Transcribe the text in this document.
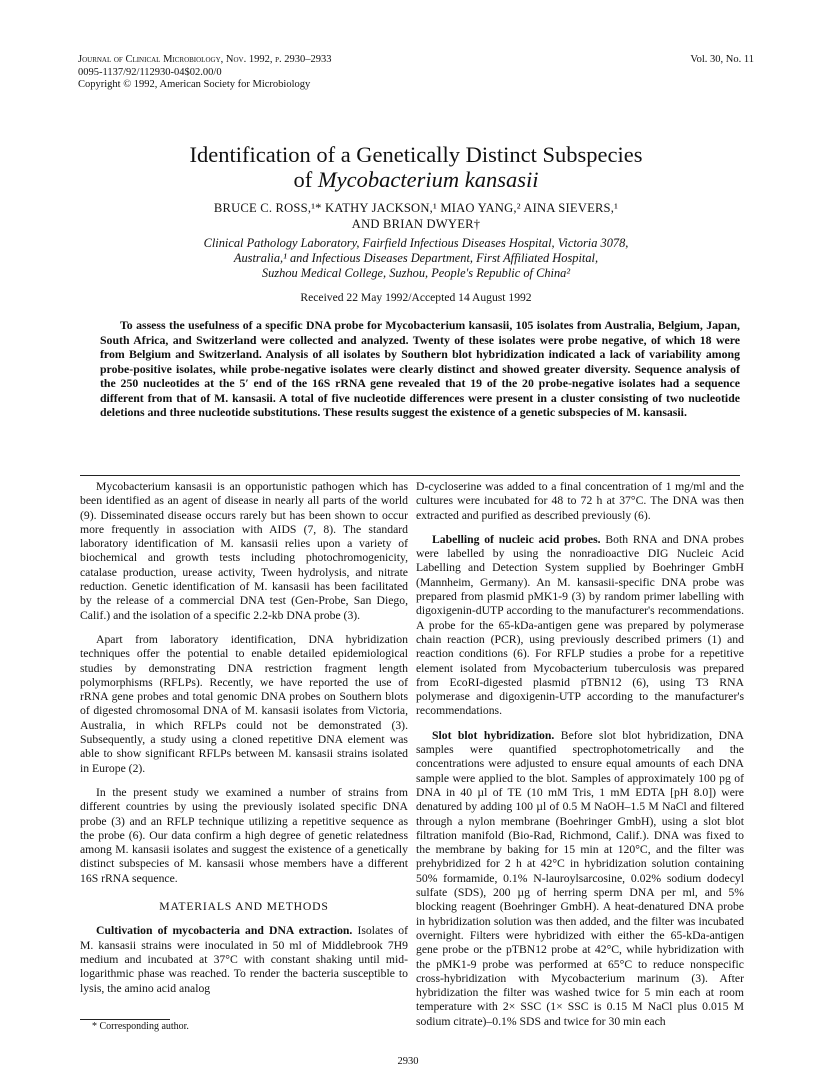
Journal of Clinical Microbiology, Nov. 1992, p. 2930–2933
0095-1137/92/112930-04$02.00/0
Copyright © 1992, American Society for Microbiology
Vol. 30, No. 11
Identification of a Genetically Distinct Subspecies
of Mycobacterium kansasii
BRUCE C. ROSS,¹* KATHY JACKSON,¹ MIAO YANG,² AINA SIEVERS,¹
AND BRIAN DWYER†
Clinical Pathology Laboratory, Fairfield Infectious Diseases Hospital, Victoria 3078,
Australia,¹ and Infectious Diseases Department, First Affiliated Hospital,
Suzhou Medical College, Suzhou, People's Republic of China²
Received 22 May 1992/Accepted 14 August 1992
To assess the usefulness of a specific DNA probe for Mycobacterium kansasii, 105 isolates from Australia, Belgium, Japan, South Africa, and Switzerland were collected and analyzed. Twenty of these isolates were probe negative, of which 18 were from Belgium and Switzerland. Analysis of all isolates by Southern blot hybridization indicated a lack of variability among probe-positive isolates, while probe-negative isolates were clearly distinct and showed greater diversity. Sequence analysis of the 250 nucleotides at the 5′ end of the 16S rRNA gene revealed that 19 of the 20 probe-negative isolates had a sequence different from that of M. kansasii. A total of five nucleotide differences were present in a cluster consisting of two nucleotide deletions and three nucleotide substitutions. These results suggest the existence of a genetic subspecies of M. kansasii.

Mycobacterium kansasii is an opportunistic pathogen which has been identified as an agent of disease in nearly all parts of the world (9). Disseminated disease occurs rarely but has been shown to occur more frequently in association with AIDS (7, 8). The standard laboratory identification of M. kansasii relies upon a variety of biochemical and growth tests including photochromogenicity, catalase production, urease activity, Tween hydrolysis, and nitrate reduction. Genetic identification of M. kansasii has been facilitated by the release of a commercial DNA test (Gen-Probe, San Diego, Calif.) and the isolation of a specific 2.2-kb DNA probe (3).

Apart from laboratory identification, DNA hybridization techniques offer the potential to enable detailed epidemiological studies by demonstrating DNA restriction fragment length polymorphisms (RFLPs). Recently, we have reported the use of rRNA gene probes and total genomic DNA probes on Southern blots of digested chromosomal DNA of M. kansasii isolates from Victoria, Australia, in which RFLPs could not be demonstrated (3). Subsequently, a study using a cloned repetitive DNA element was able to show significant RFLPs between M. kansasii strains isolated in Europe (2).

In the present study we examined a number of strains from different countries by using the previously isolated specific DNA probe (3) and an RFLP technique utilizing a repetitive sequence as the probe (6). Our data confirm a high degree of genetic relatedness among M. kansasii isolates and suggest the existence of a genetically distinct subspecies of M. kansasii whose members have a different 16S rRNA sequence.

MATERIALS AND METHODS

Cultivation of mycobacteria and DNA extraction. Isolates of M. kansasii strains were inoculated in 50 ml of Middlebrook 7H9 medium and incubated at 37°C with constant shaking until mid-logarithmic phase was reached. To render the bacteria susceptible to lysis, the amino acid analog

D-cycloserine was added to a final concentration of 1 mg/ml and the cultures were incubated for 48 to 72 h at 37°C. The DNA was then extracted and purified as described previously (6).

Labelling of nucleic acid probes. Both RNA and DNA probes were labelled by using the nonradioactive DIG Nucleic Acid Labelling and Detection System supplied by Boehringer GmbH (Mannheim, Germany). An M. kansasii-specific DNA probe was prepared from plasmid pMK1-9 (3) by random primer labelling with digoxigenin-dUTP according to the manufacturer's recommendations. A probe for the 65-kDa-antigen gene was prepared by polymerase chain reaction (PCR), using previously described primers (1) and reaction conditions (6). For RFLP studies a probe for a repetitive element isolated from Mycobacterium tuberculosis was prepared from EcoRI-digested plasmid pTBN12 (6), using T3 RNA polymerase and digoxigenin-UTP according to the manufacturer's recommendations.

Slot blot hybridization. Before slot blot hybridization, DNA samples were quantified spectrophotometrically and the concentrations were adjusted to ensure equal amounts of each DNA sample were applied to the blot. Samples of approximately 100 pg of DNA in 40 µl of TE (10 mM Tris, 1 mM EDTA [pH 8.0]) were denatured by adding 100 µl of 0.5 M NaOH–1.5 M NaCl and filtered through a nylon membrane (Boehringer GmbH), using a slot blot filtration manifold (Bio-Rad, Richmond, Calif.). DNA was fixed to the membrane by baking for 15 min at 120°C, and the filter was prehybridized for 2 h at 42°C in hybridization solution containing 50% formamide, 0.1% N-lauroylsarcosine, 0.02% sodium dodecyl sulfate (SDS), 200 µg of herring sperm DNA per ml, and 5% blocking reagent (Boehringer GmbH). A heat-denatured DNA probe in hybridization solution was then added, and the filter was incubated overnight. Filters were hybridized with either the 65-kDa-antigen gene probe or the pTBN12 probe at 42°C, while hybridization with the pMK1-9 probe was performed at 65°C to reduce nonspecific cross-hybridization with Mycobacterium marinum (3). After hybridization the filter was washed twice for 5 min each at room temperature with 2× SSC (1× SSC is 0.15 M NaCl plus 0.015 M sodium citrate)–0.1% SDS and twice for 30 min each

* Corresponding author.
2930
